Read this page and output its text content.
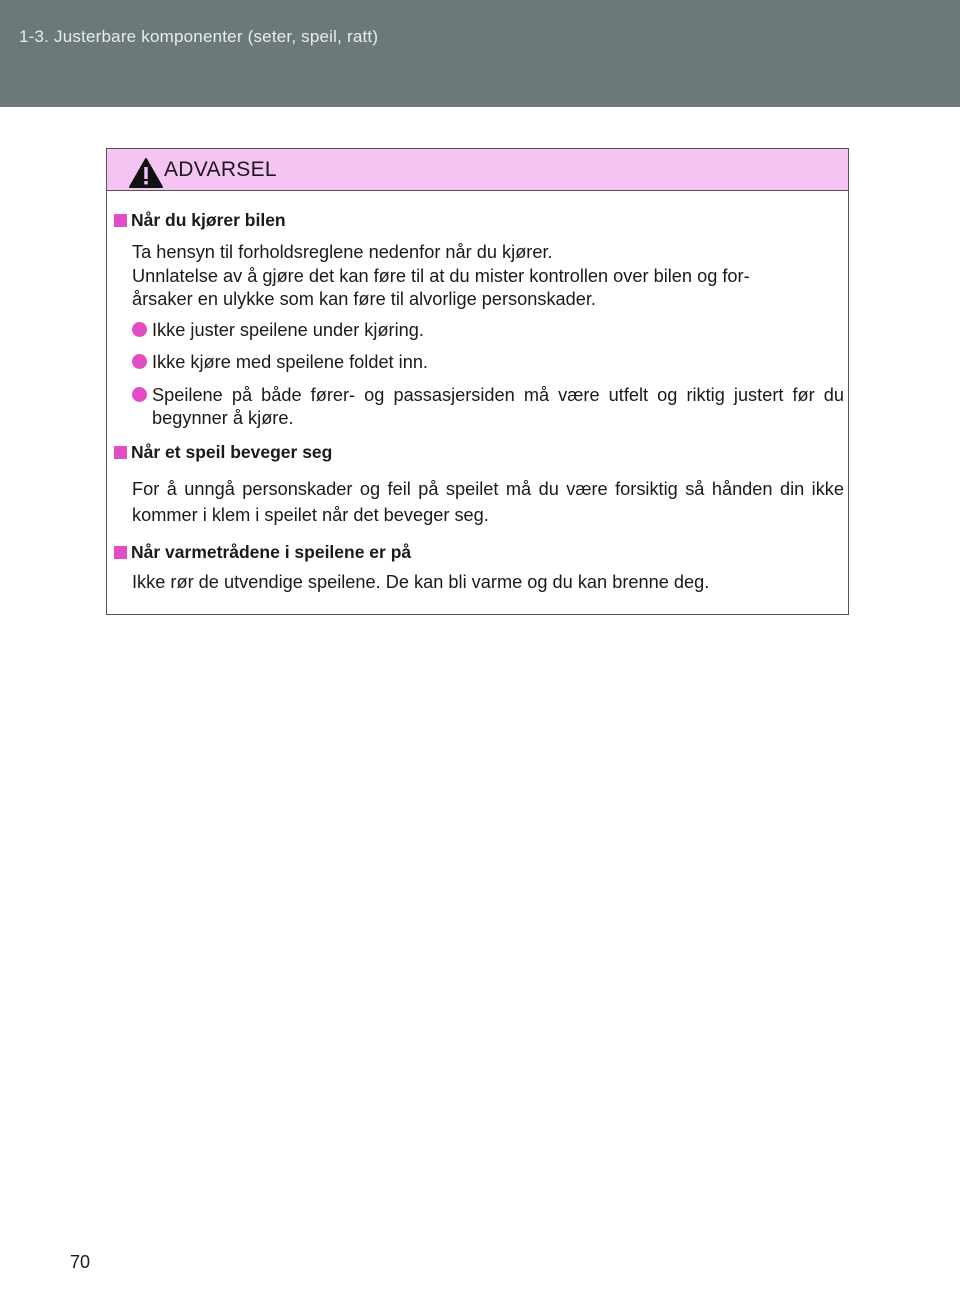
1-3. Justerbare komponenter (seter, speil, ratt)
ADVARSEL
Når du kjører bilen
Ta hensyn til forholdsreglene nedenfor når du kjører.
Unnlatelse av å gjøre det kan føre til at du mister kontrollen over bilen og for-
årsaker en ulykke som kan føre til alvorlige personskader.
Ikke juster speilene under kjøring.
Ikke kjøre med speilene foldet inn.
Speilene på både fører- og passasjersiden må være utfelt og riktig justert før du begynner å kjøre.
Når et speil beveger seg
For å unngå personskader og feil på speilet må du være forsiktig så hånden din ikke kommer i klem i speilet når det beveger seg.
Når varmetrådene i speilene er på
Ikke rør de utvendige speilene. De kan bli varme og du kan brenne deg.
70
